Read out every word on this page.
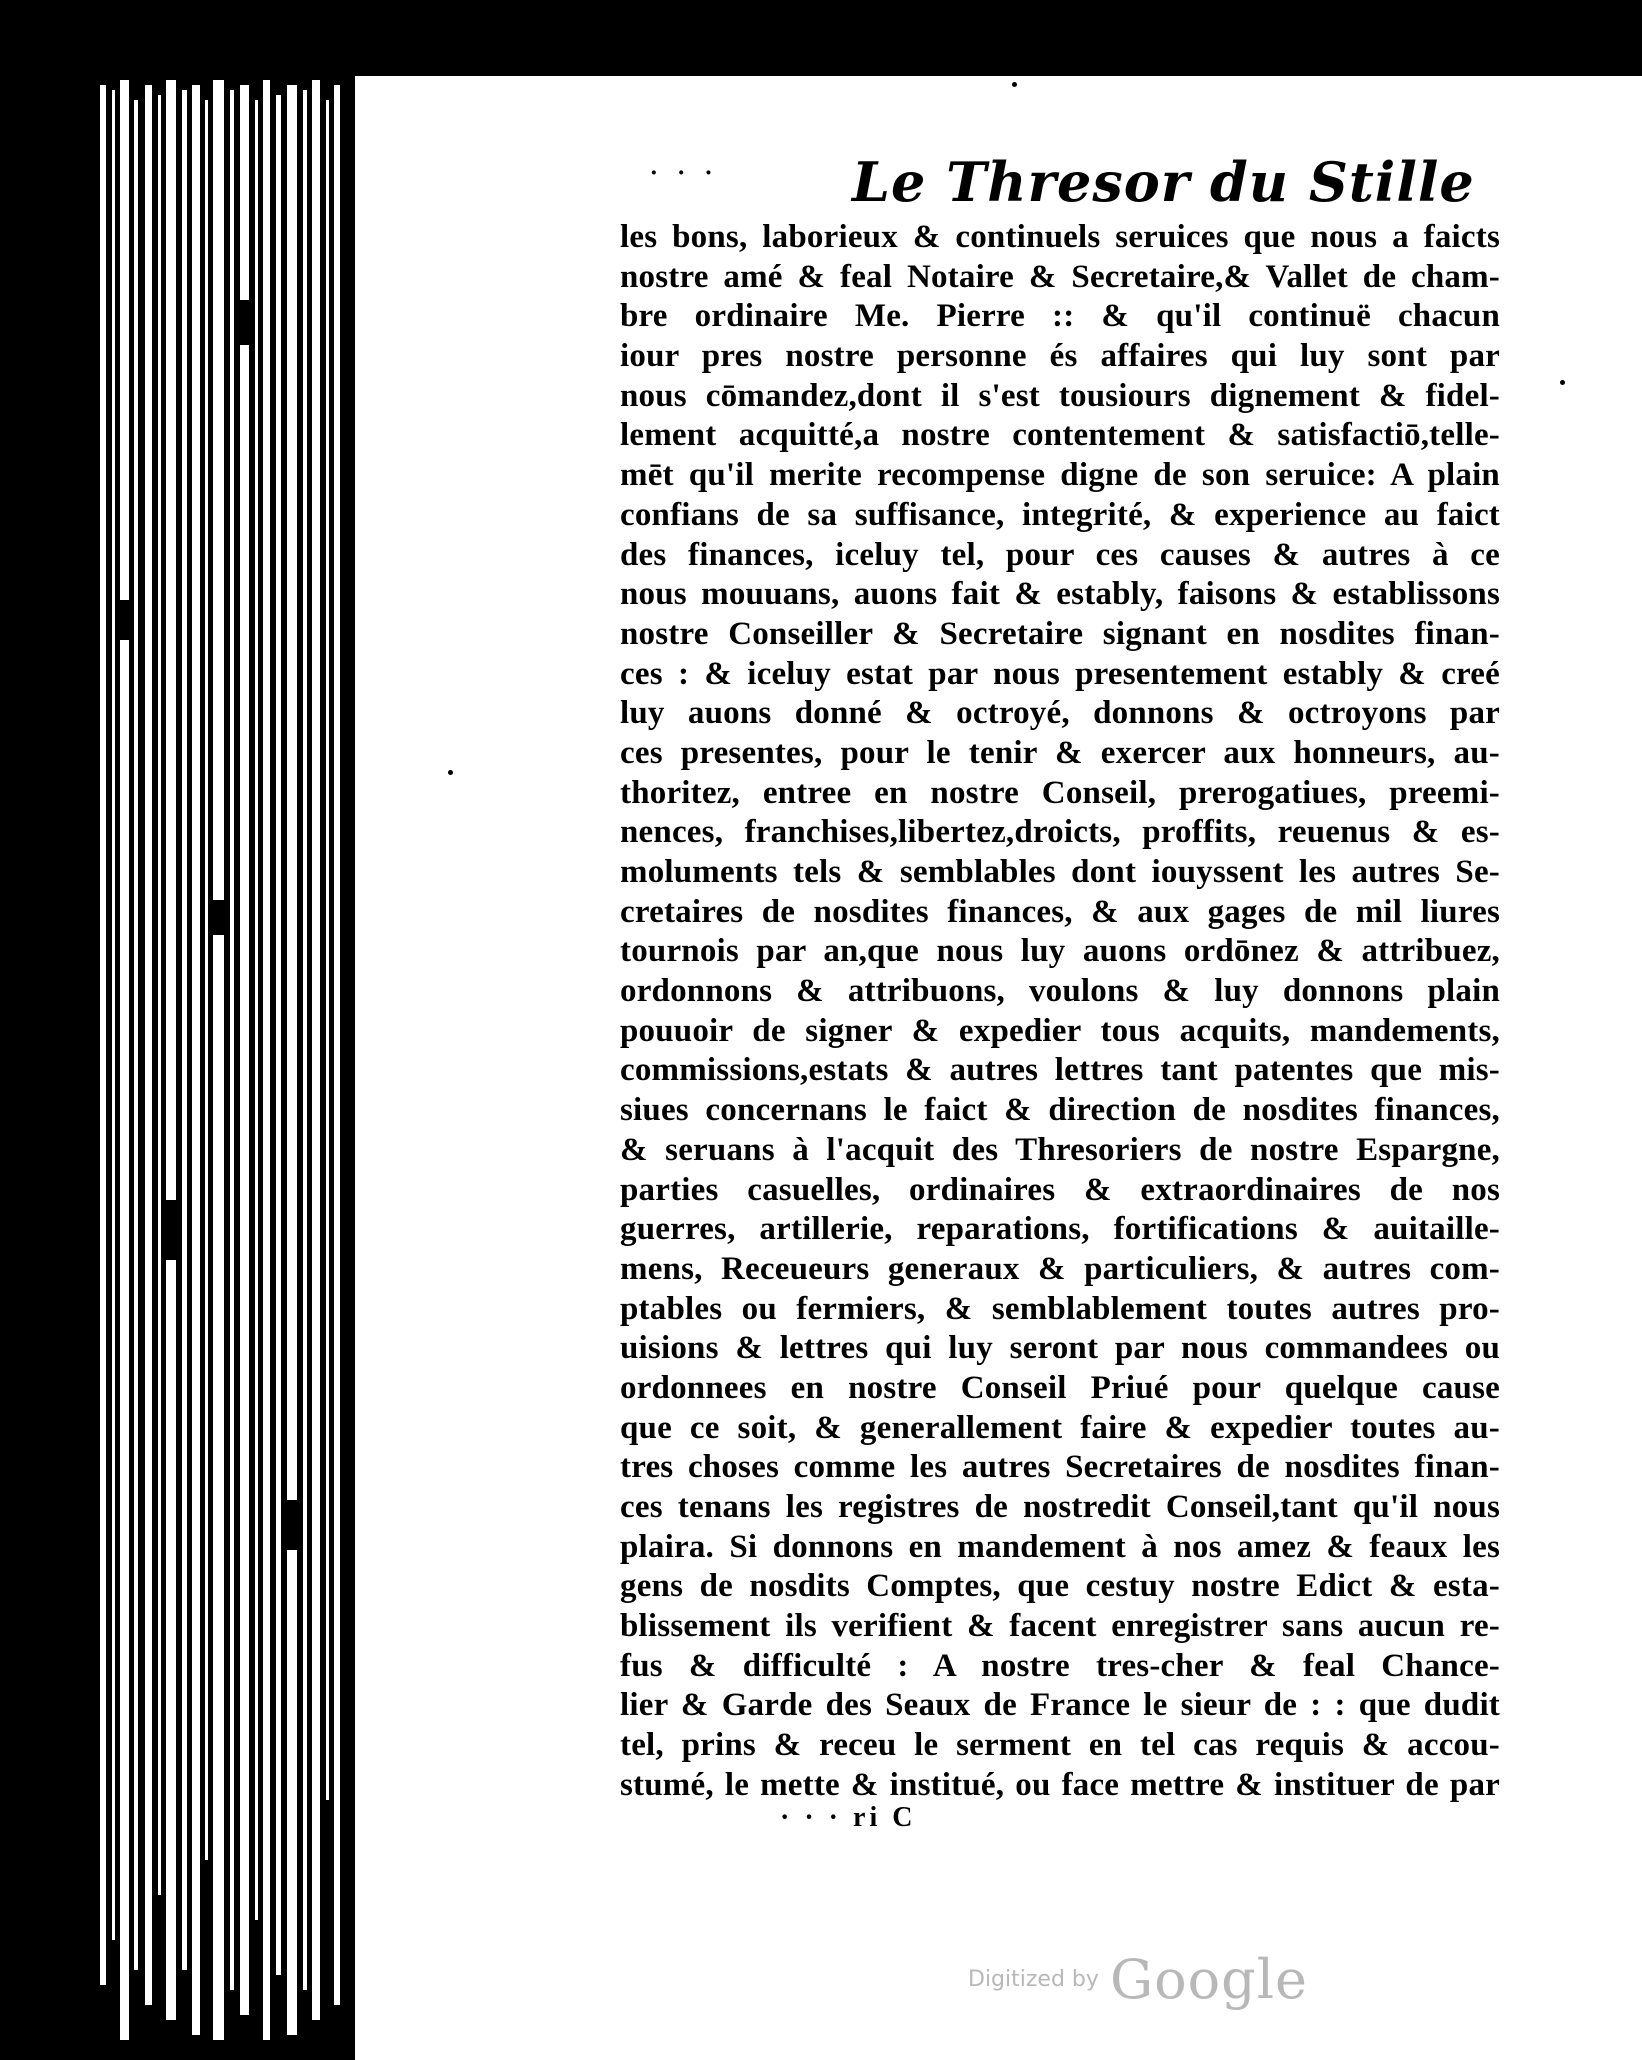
· · · Le Thresor du Stille
les bons, laborieux & continuels seruices que nous a faicts
nostre amé & feal Notaire & Secretaire,& Vallet de cham-
bre ordinaire Me. Pierre :: & qu'il continuë chacun
iour pres nostre personne és affaires qui luy sont par
nous cōmandez,dont il s'est tousiours dignement & fidel-
lement acquitté,a nostre contentement & satisfactiō,telle-
mēt qu'il merite recompense digne de son seruice: A plain
confians de sa suffisance, integrité, & experience au faict
des finances, iceluy tel, pour ces causes & autres à ce
nous mouuans, auons fait & estably, faisons & establissons
nostre Conseiller & Secretaire signant en nosdites finan-
ces : & iceluy estat par nous presentement estably & creé
luy auons donné & octroyé, donnons & octroyons par
ces presentes, pour le tenir & exercer aux honneurs, au-
thoritez, entree en nostre Conseil, prerogatiues, preemi-
nences, franchises,libertez,droicts, proffits, reuenus & es-
moluments tels & semblables dont iouyssent les autres Se-
cretaires de nosdites finances, & aux gages de mil liures
tournois par an,que nous luy auons ordōnez & attribuez,
ordonnons & attribuons, voulons & luy donnons plain
pouuoir de signer & expedier tous acquits, mandements,
commissions,estats & autres lettres tant patentes que mis-
siues concernans le faict & direction de nosdites finances,
& seruans à l'acquit des Thresoriers de nostre Espargne,
parties casuelles, ordinaires & extraordinaires de nos
guerres, artillerie, reparations, fortifications & auitaille-
mens, Receueurs generaux & particuliers, & autres com-
ptables ou fermiers, & semblablement toutes autres pro-
uisions & lettres qui luy seront par nous commandees ou
ordonnees en nostre Conseil Priué pour quelque cause
que ce soit, & generallement faire & expedier toutes au-
tres choses comme les autres Secretaires de nosdites finan-
ces tenans les registres de nostredit Conseil,tant qu'il nous
plaira. Si donnons en mandement à nos amez & feaux les
gens de nosdits Comptes, que cestuy nostre Edict & esta-
blissement ils verifient & facent enregistrer sans aucun re-
fus & difficulté : A nostre tres-cher & feal Chance-
lier & Garde des Seaux de France le sieur de : : que dudit
tel, prins & receu le serment en tel cas requis & accou-
stumé, le mette & institué, ou face mettre & instituer de par
· · · ri C
Digitized by Google
